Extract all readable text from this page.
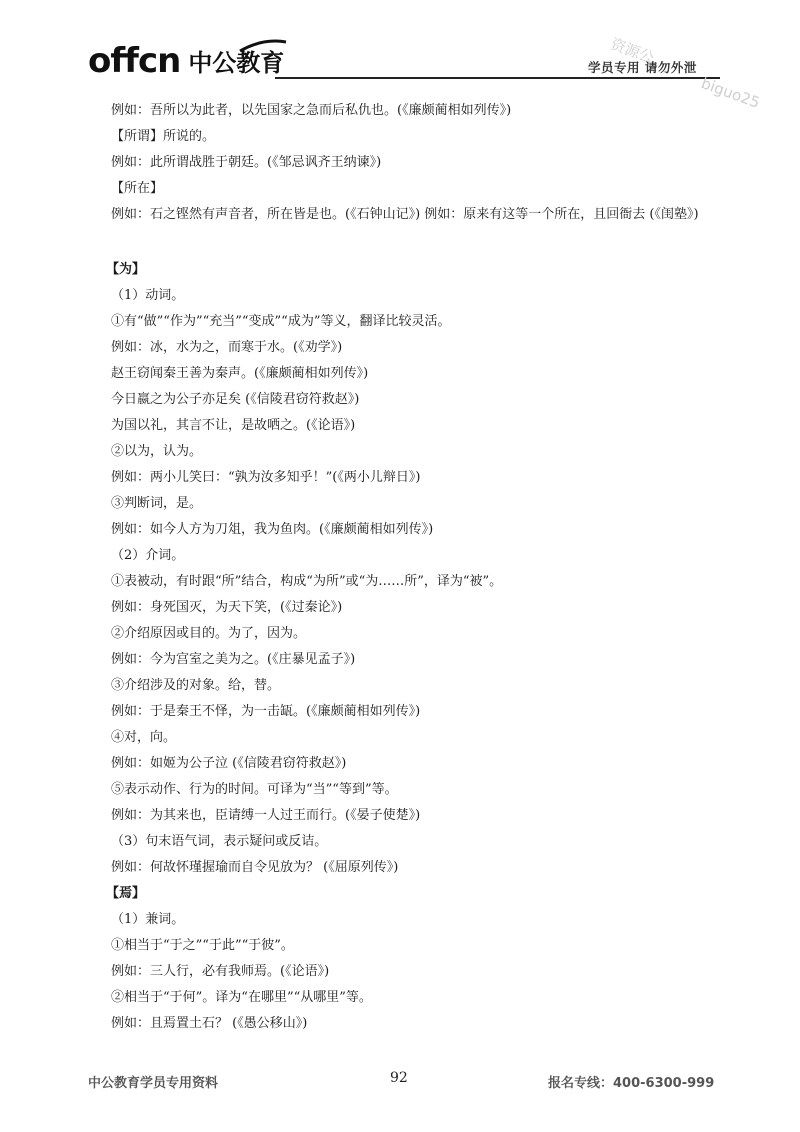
offcn 中公教育	学员专用 请勿外泄
资源公
biguo25
例如：吾所以为此者，以先国家之急而后私仇也。(《廉颇蔺相如列传》)
【所谓】所说的。
例如：此所谓战胜于朝廷。(《邹忌讽齐王纳谏》)
【所在】
例如：石之铿然有声音者，所在皆是也。(《石钟山记》) 例如：原来有这等一个所在，且回衙去 (《闺塾》)
【为】
（1）动词。
①有“做”“作为”“充当”“变成”“成为”等义，翻译比较灵活。
例如：冰，水为之，而寒于水。(《劝学》)
赵王窃闻秦王善为秦声。(《廉颇蔺相如列传》)
今日嬴之为公子亦足矣 (《信陵君窃符救赵》)
为国以礼，其言不让，是故哂之。(《论语》)
②以为，认为。
例如：两小儿笑曰：“孰为汝多知乎！”(《两小儿辩日》)
③判断词，是。
例如：如今人方为刀俎，我为鱼肉。(《廉颇蔺相如列传》)
（2）介词。
①表被动，有时跟“所”结合，构成“为所”或“为……所”，译为“被”。
例如：身死国灭，为天下笑，(《过秦论》)
②介绍原因或目的。为了，因为。
例如：今为宫室之美为之。(《庄暴见孟子》)
③介绍涉及的对象。给，替。
例如：于是秦王不怿，为一击缻。(《廉颇蔺相如列传》)
④对，向。
例如：如姬为公子泣 (《信陵君窃符救赵》)
⑤表示动作、行为的时间。可译为“当”“等到”等。
例如：为其来也，臣请缚一人过王而行。(《晏子使楚》)
（3）句末语气词，表示疑问或反诘。
例如：何故怀瑾握瑜而自令见放为？ (《屈原列传》)
【焉】
（1）兼词。
①相当于“于之”“于此”“于彼”。
例如：三人行，必有我师焉。(《论语》)
②相当于“于何”。译为“在哪里”“从哪里”等。
例如：且焉置土石？ (《愚公移山》)
中公教育学员专用资料	92	报名专线：400-6300-999
